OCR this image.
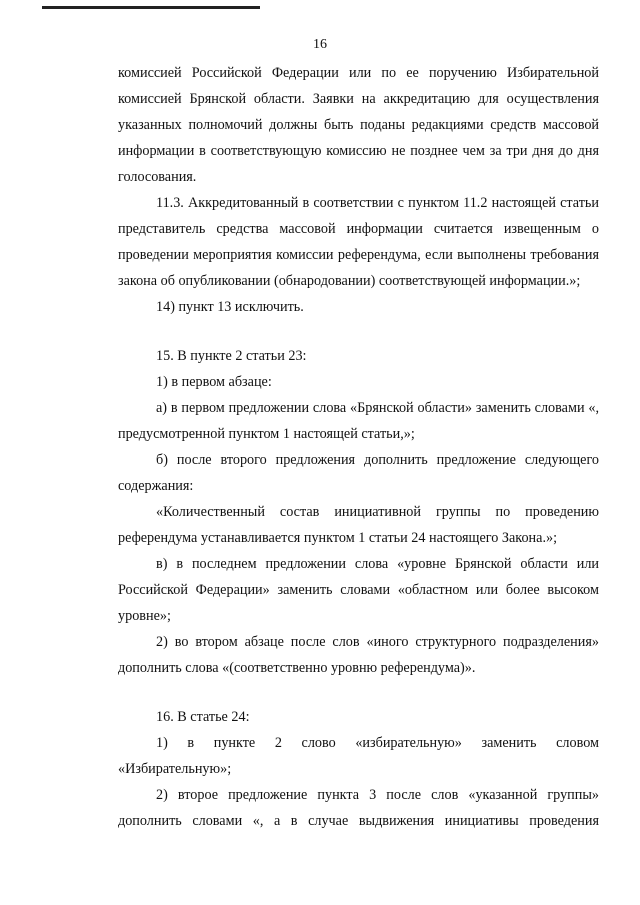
16

комиссией Российской Федерации или по ее поручению Избирательной комиссией Брянской области. Заявки на аккредитацию для осуществления указанных полномочий должны быть поданы редакциями средств массовой информации в соответствующую комиссию не позднее чем за три дня до дня голосования.

11.3. Аккредитованный в соответствии с пунктом 11.2 настоящей статьи представитель средства массовой информации считается извещенным о проведении мероприятия комиссии референдума, если выполнены требования закона об опубликовании (обнародовании) соответствующей информации.»;

14) пункт 13 исключить.

15. В пункте 2 статьи 23:

1) в первом абзаце:

а) в первом предложении слова «Брянской области» заменить словами «, предусмотренной пунктом 1 настоящей статьи,»;

б) после второго предложения дополнить предложение следующего содержания:

«Количественный состав инициативной группы по проведению референдума устанавливается пунктом 1 статьи 24 настоящего Закона.»;

в) в последнем предложении слова «уровне Брянской области или Российской Федерации» заменить словами «областном или более высоком уровне»;

2) во втором абзаце после слов «иного структурного подразделения» дополнить слова «(соответственно уровню референдума)».

16. В статье 24:

1) в пункте 2 слово «избирательную» заменить словом «Избирательную»;

2) второе предложение пункта 3 после слов «указанной группы» дополнить словами «, а в случае выдвижения инициативы проведения
